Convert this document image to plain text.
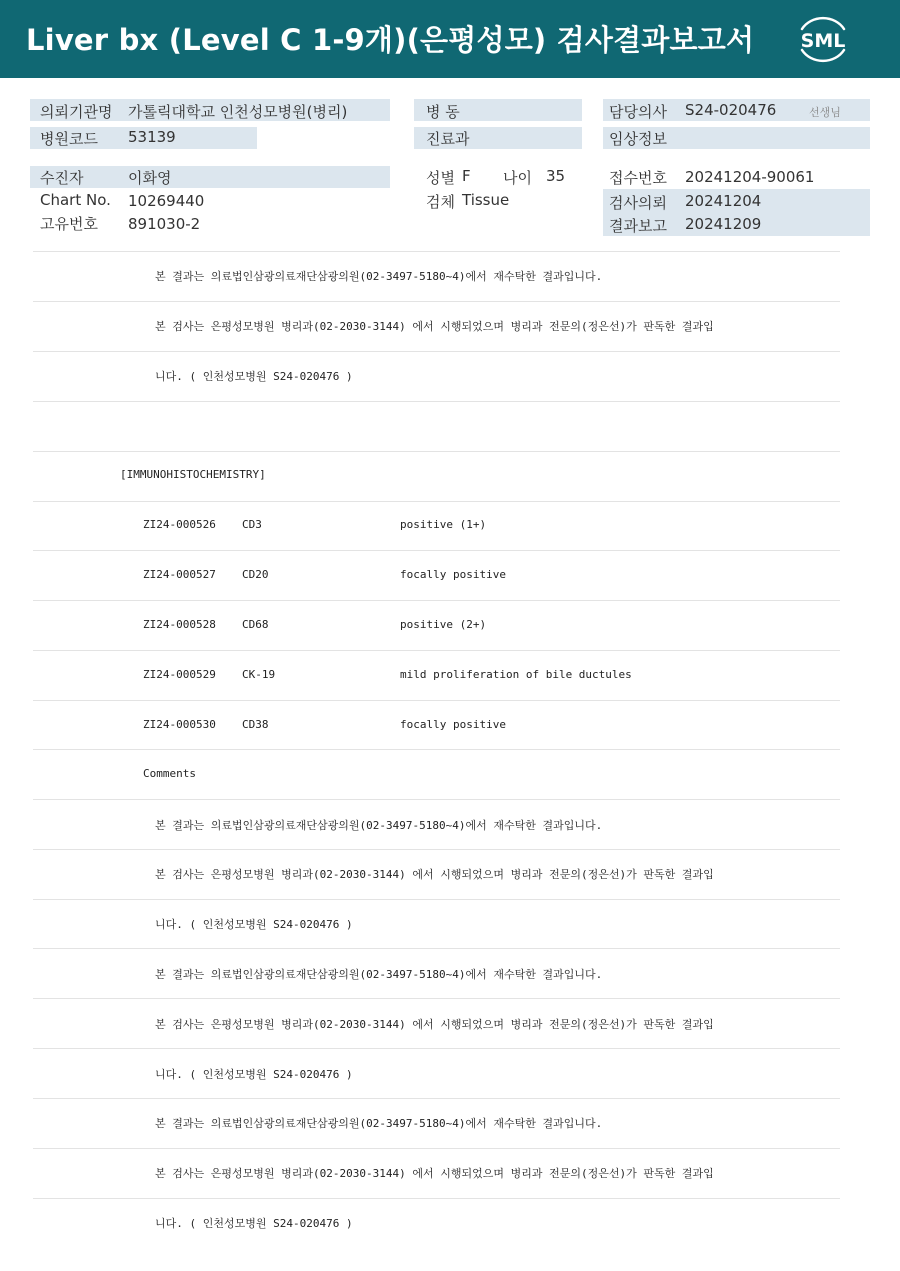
Liver bx (Level C 1-9개)(은평성모) 검사결과보고서 SML
의뢰기관명 가톨릭대학교 인천성모병원(병리)
병원코드 53139
병 동
진료과
담당의사 S24-020476	선생님
임상정보
수진자	이화영
Chart No. 10269440
고유번호 891030-2
성별 F 나이 35
검체 Tissue
접수번호 20241204-90061
검사의뢰 20241204
결과보고 20241209
본 결과는 의료법인삼광의료재단삼광의원(02-3497-5180~4)에서 재수탁한 결과입니다.
본 검사는 은평성모병원 병리과(02-2030-3144) 에서 시행되었으며 병리과 전문의(정은선)가 판독한 결과입
니다. ( 인천성모병원 S24-020476 )
[IMMUNOHISTOCHEMISTRY]
ZI24-000526 CD3	positive (1+)
ZI24-000527 CD20	focally positive
ZI24-000528 CD68	positive (2+)
ZI24-000529 CK-19	mild proliferation of bile ductules
ZI24-000530 CD38	focally positive
Comments
본 결과는 의료법인삼광의료재단삼광의원(02-3497-5180~4)에서 재수탁한 결과입니다.
본 검사는 은평성모병원 병리과(02-2030-3144) 에서 시행되었으며 병리과 전문의(정은선)가 판독한 결과입
니다. ( 인천성모병원 S24-020476 )
본 결과는 의료법인삼광의료재단삼광의원(02-3497-5180~4)에서 재수탁한 결과입니다.
본 검사는 은평성모병원 병리과(02-2030-3144) 에서 시행되었으며 병리과 전문의(정은선)가 판독한 결과입
니다. ( 인천성모병원 S24-020476 )
본 결과는 의료법인삼광의료재단삼광의원(02-3497-5180~4)에서 재수탁한 결과입니다.
본 검사는 은평성모병원 병리과(02-2030-3144) 에서 시행되었으며 병리과 전문의(정은선)가 판독한 결과입
니다. ( 인천성모병원 S24-020476 )
